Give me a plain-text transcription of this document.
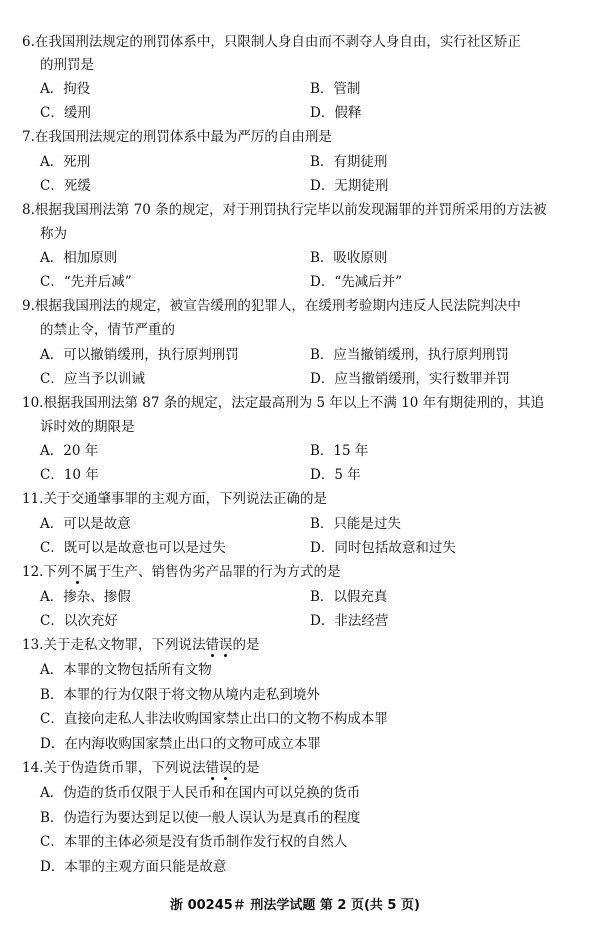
6.在我国刑法规定的刑罚体系中，只限制人身自由而不剥夺人身自由，实行社区矫正
的刑罚是
A．拘役	B．管制
C．缓刑	D．假释
7.在我国刑法规定的刑罚体系中最为严厉的自由刑是
A．死刑	B．有期徒刑
C．死缓	D．无期徒刑
8.根据我国刑法第 70 条的规定，对于刑罚执行完毕以前发现漏罪的并罚所采用的方法被
称为
A．相加原则	B．吸收原则
C．“先并后减”	D．“先减后并”
9.根据我国刑法的规定，被宣告缓刑的犯罪人，在缓刑考验期内违反人民法院判决中
的禁止令，情节严重的
A．可以撤销缓刑，执行原判刑罚	B．应当撤销缓刑，执行原判刑罚
C．应当予以训诫	D．应当撤销缓刑，实行数罪并罚
10.根据我国刑法第 87 条的规定，法定最高刑为 5 年以上不满 10 年有期徒刑的，其追
诉时效的期限是
A．20 年	B．15 年
C．10 年	D．5 年
11.关于交通肇事罪的主观方面，下列说法正确的是
A．可以是故意	B．只能是过失
C．既可以是故意也可以是过失	D．同时包括故意和过失
12.下列不属于生产、销售伪劣产品罪的行为方式的是
A．掺杂、掺假	B．以假充真
C．以次充好	D．非法经营
13.关于走私文物罪，下列说法错误的是
A．本罪的文物包括所有文物
B．本罪的行为仅限于将文物从境内走私到境外
C．直接向走私人非法收购国家禁止出口的文物不构成本罪
D．在内海收购国家禁止出口的文物可成立本罪
14.关于伪造货币罪，下列说法错误的是
A．伪造的货币仅限于人民币和在国内可以兑换的货币
B．伪造行为要达到足以使一般人误认为是真币的程度
C．本罪的主体必须是没有货币制作发行权的自然人
D．本罪的主观方面只能是故意
浙 00245＃ 刑法学试题 第 2 页(共 5 页)
